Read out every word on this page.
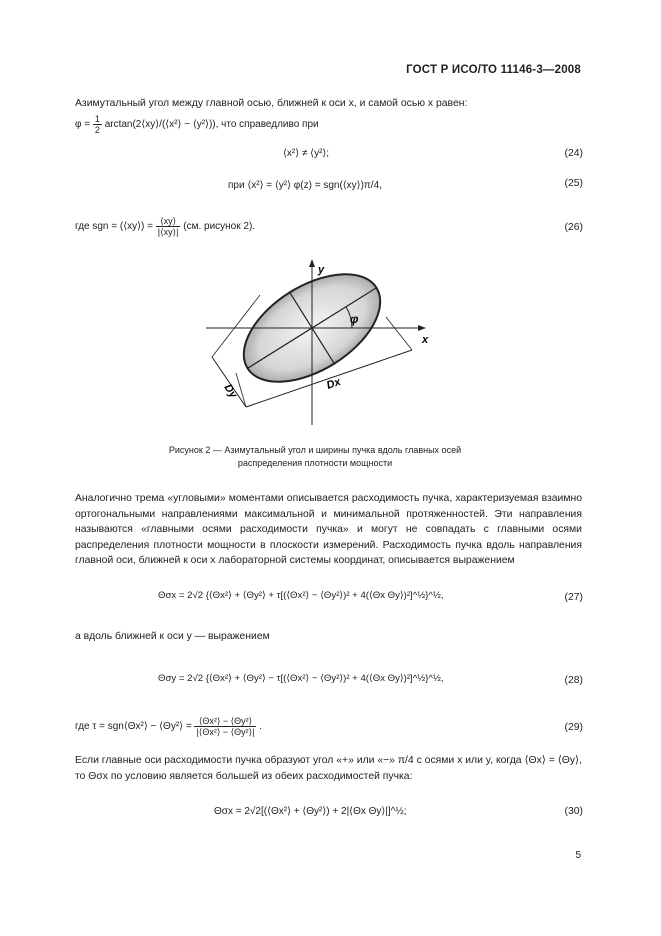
ГОСТ Р ИСО/ТО 11146-3—2008
Азимутальный угол между главной осью, ближней к оси x, и самой осью x равен:
$\varphi = \frac{1}{2}$ arctan(2⟨xy⟩/(⟨x²⟩ − ⟨y²⟩)), что справедливо при
⟨x²⟩ ≠ ⟨y²⟩;	(24)
при ⟨x²⟩ = ⟨y²⟩ φ(z) = sgn(⟨xy⟩)π/4,	(25)
где sgn = (⟨xy⟩) = $\frac{⟨xy⟩}{|⟨xy⟩|} (см$. рисунок 2).	(26)
x
y
φ
Dx
Dy
Рисунок 2 — Азимутальный угол и ширины пучка вдоль главных осей
распределения плотности мощности
Аналогично трема «угловыми» моментами описывается расходимость пучка, характеризуемая взаимно ортогональными направлениями максимальной и минимальной протяженностей. Эти направления называются «главными осями расходимости пучка» и могут не совпадать с главными осями распределения плотности мощности в плоскости измерений. Расходимость пучка вдоль направления главной оси, ближней к оси x лабораторной системы координат, описывается выражением
Θσx = 2√2 {⟨Θx²⟩ + ⟨Θy²⟩ + τ[(⟨Θx²⟩ − ⟨Θy²⟩)² + 4(⟨Θx Θy⟩)²]^½}^½,	(27)
а вдоль ближней к оси y — выражением
Θσy = 2√2 {⟨Θx²⟩ + ⟨Θy²⟩ − τ[(⟨Θx²⟩ − ⟨Θy²⟩)² + 4(⟨Θx Θy⟩)²]^½}^½,	(28)
где τ = sgn⟨Θx²⟩ − ⟨Θy²⟩ = $\frac{\text{⟨Θx²⟩ − ⟨Θy²⟩}}{\text{|⟨Θx²⟩ − ⟨Θy²⟩|}}$ .	(29)
Если главные оси расходимости пучка образуют угол «+» или «−» π/4 с осями x или y, когда ⟨Θx⟩ = ⟨Θy⟩, то Θσx по условию является большей из обеих расходимостей пучка:
Θσx = 2√2[(⟨Θx²⟩ + ⟨Θy²⟩) + 2|⟨Θx Θy⟩|]^½;	(30)
5
